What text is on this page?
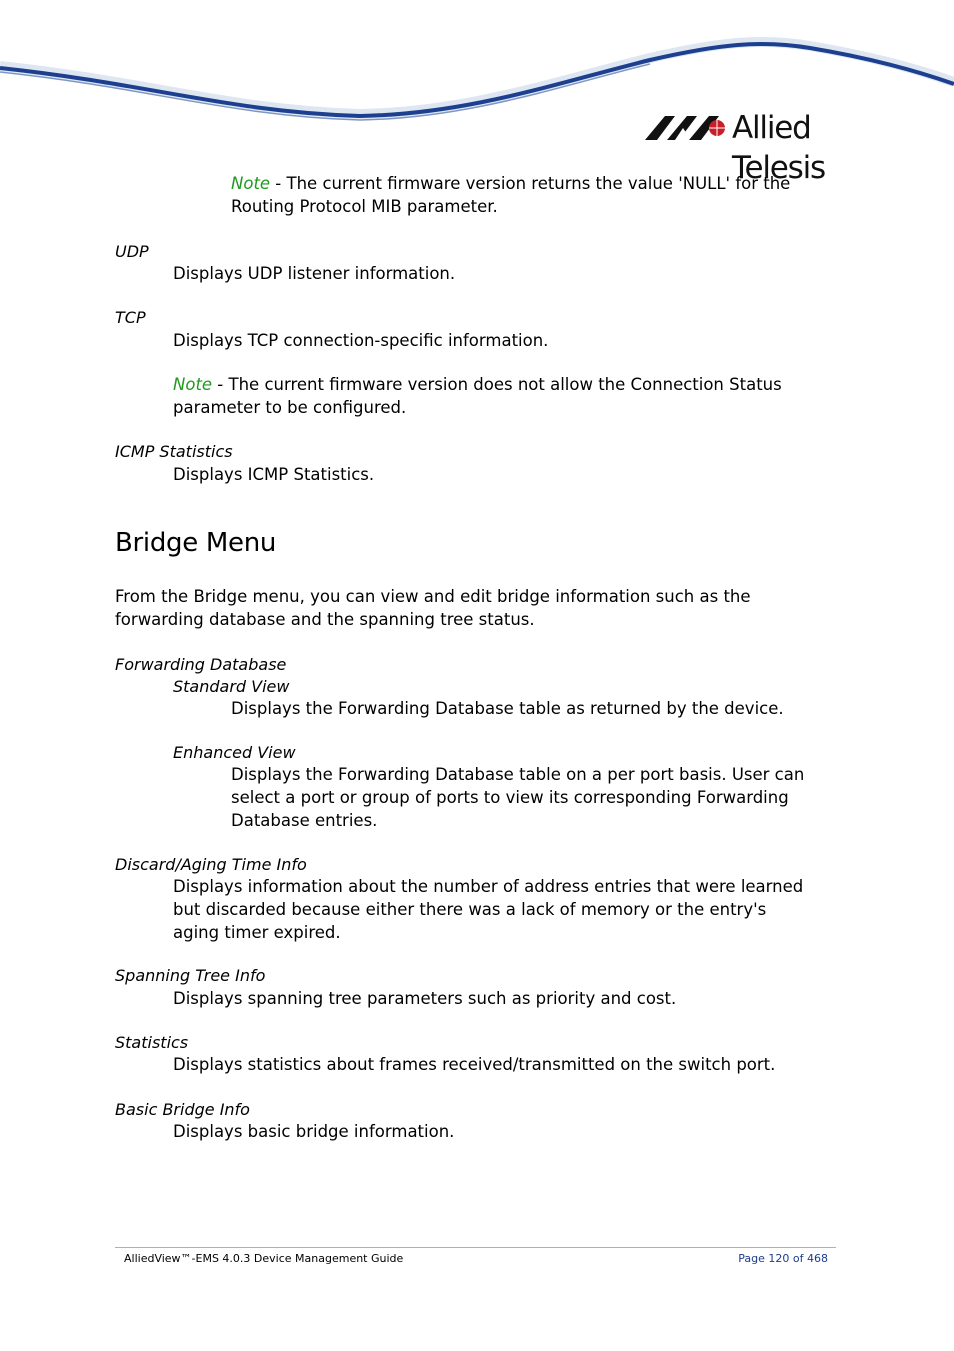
Allied Telesis
Note - The current firmware version returns the value 'NULL' for the Routing Protocol MIB parameter.
UDP
Displays UDP listener information.
TCP
Displays TCP connection-specific information.
Note - The current firmware version does not allow the Connection Status parameter to be configured.
ICMP Statistics
Displays ICMP Statistics.
Bridge Menu
From the Bridge menu, you can view and edit bridge information such as the forwarding database and the spanning tree status.
Forwarding Database
Standard View
Displays the Forwarding Database table as returned by the device.
Enhanced View
Displays the Forwarding Database table on a per port basis. User can select a port or group of ports to view its corresponding Forwarding Database entries.
Discard/Aging Time Info
Displays information about the number of address entries that were learned but discarded because either there was a lack of memory or the entry's aging timer expired.
Spanning Tree Info
Displays spanning tree parameters such as priority and cost.
Statistics
Displays statistics about frames received/transmitted on the switch port.
Basic Bridge Info
Displays basic bridge information.
AlliedView™-EMS 4.0.3 Device Management Guide	Page 120 of 468
